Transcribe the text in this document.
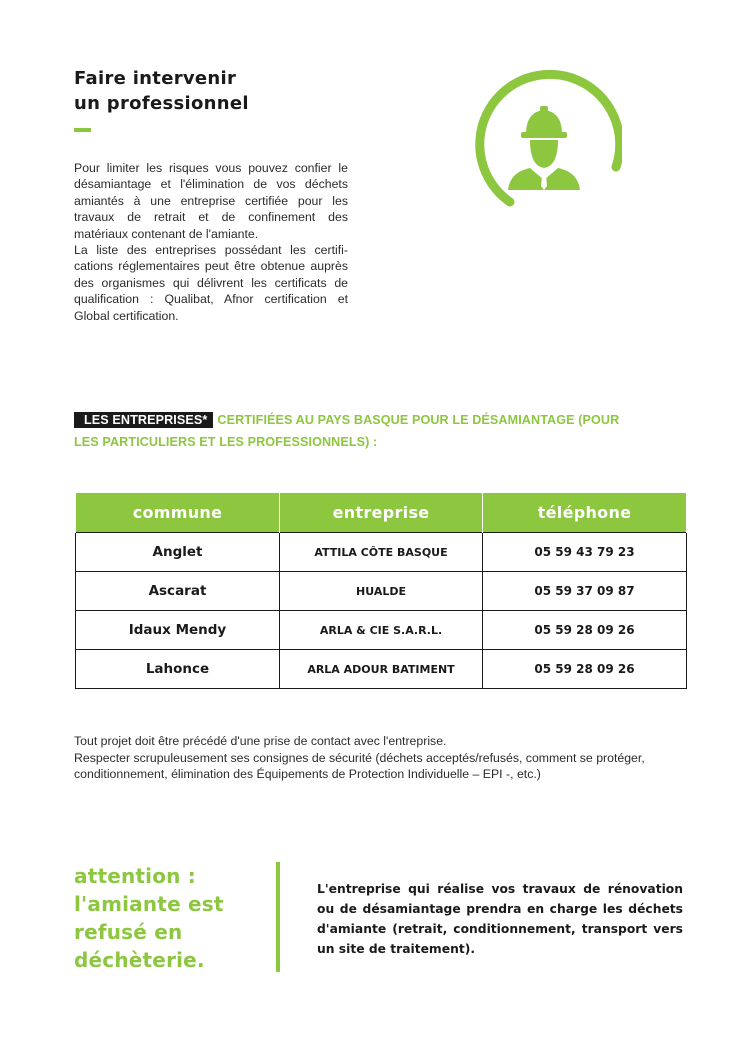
Faire intervenir
un professionnel

Pour limiter les risques vous pouvez confier le désamiantage et l'élimination de vos déchets amiantés à une entreprise certifiée pour les travaux de retrait et de confinement des matériaux contenant de l'amiante.
La liste des entreprises possédant les certifi-cations réglementaires peut être obtenue auprès des organismes qui délivrent les certificats de qualification : Qualibat, Afnor certification et Global certification.

LES ENTREPRISES* CERTIFIÉES AU PAYS BASQUE POUR LE DÉSAMIANTAGE (POUR LES PARTICULIERS ET LES PROFESSIONNELS) :
commune	entreprise	téléphone
Anglet	ATTILA CÔTE BASQUE	05 59 43 79 23
Ascarat	HUALDE	05 59 37 09 87
Idaux Mendy	ARLA & CIE S.A.R.L.	05 59 28 09 26
Lahonce	ARLA ADOUR BATIMENT	05 59 28 09 26

Tout projet doit être précédé d'une prise de contact avec l'entreprise.

Respecter scrupuleusement ses consignes de sécurité (déchets acceptés/refusés, comment se protéger, conditionnement, élimination des Équipements de Protection Individuelle – EPI -, etc.)

attention :
l'amiante est
refusé en
déchèterie.

L'entreprise qui réalise vos travaux de rénovation ou de désamiantage prendra en charge les déchets d'amiante (retrait, conditionnement, transport vers un site de traitement).
